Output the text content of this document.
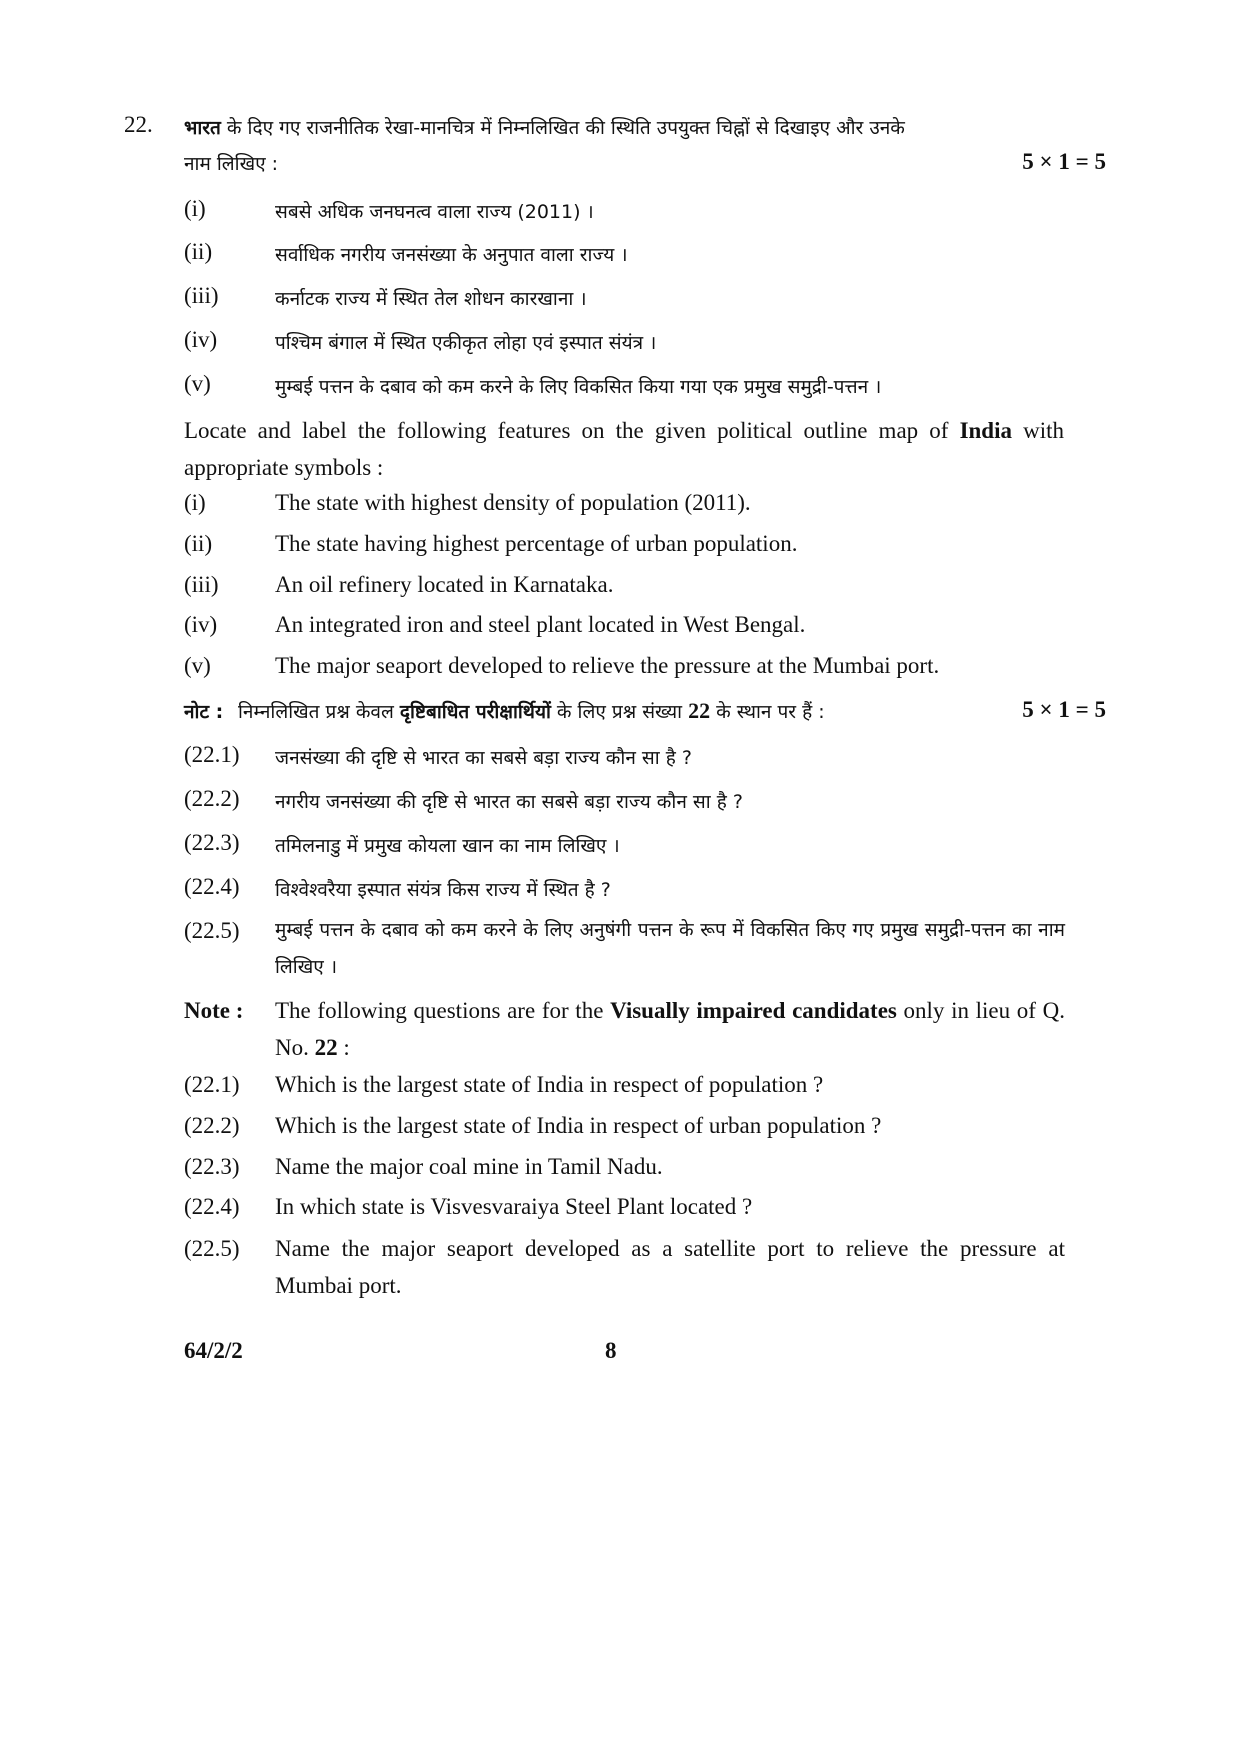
22. भारत के दिए गए राजनीतिक रेखा-मानचित्र में निम्नलिखित की स्थिति उपयुक्त चिह्नों से दिखाइए और उनके
नाम लिखिए :	5 × 1 = 5
(i)	सबसे अधिक जनघनत्व वाला राज्य (2011) ।
(ii)	सर्वाधिक नगरीय जनसंख्या के अनुपात वाला राज्य ।
(iii)	कर्नाटक राज्य में स्थित तेल शोधन कारखाना ।
(iv)	पश्चिम बंगाल में स्थित एकीकृत लोहा एवं इस्पात संयंत्र ।
(v)	मुम्बई पत्तन के दबाव को कम करने के लिए विकसित किया गया एक प्रमुख समुद्री-पत्तन ।
Locate and label the following features on the given political outline map of India with appropriate symbols :
(i)	The state with highest density of population (2011).
(ii)	The state having highest percentage of urban population.
(iii) An oil refinery located in Karnataka.
(iv)	An integrated iron and steel plant located in West Bengal.
(v)	The major seaport developed to relieve the pressure at the Mumbai port.
नोट : निम्नलिखित प्रश्न केवल दृष्टिबाधित परीक्षार्थियों के लिए प्रश्न संख्या 22 के स्थान पर हैं :	5 × 1 = 5
(22.1) जनसंख्या की दृष्टि से भारत का सबसे बड़ा राज्य कौन सा है ?
(22.2) नगरीय जनसंख्या की दृष्टि से भारत का सबसे बड़ा राज्य कौन सा है ?
(22.3) तमिलनाडु में प्रमुख कोयला खान का नाम लिखिए ।
(22.4) विश्वेश्वरैया इस्पात संयंत्र किस राज्य में स्थित है ?
(22.5) मुम्बई पत्तन के दबाव को कम करने के लिए अनुषंगी पत्तन के रूप में विकसित किए गए प्रमुख समुद्री-पत्तन का नाम लिखिए ।
Note : The following questions are for the Visually impaired candidates only in lieu of Q. No. 22 :
(22.1) Which is the largest state of India in respect of population ?
(22.2) Which is the largest state of India in respect of urban population ?
(22.3) Name the major coal mine in Tamil Nadu.
(22.4) In which state is Visvesvaraiya Steel Plant located ?
(22.5) Name the major seaport developed as a satellite port to relieve the pressure at Mumbai port.
64/2/2	8
